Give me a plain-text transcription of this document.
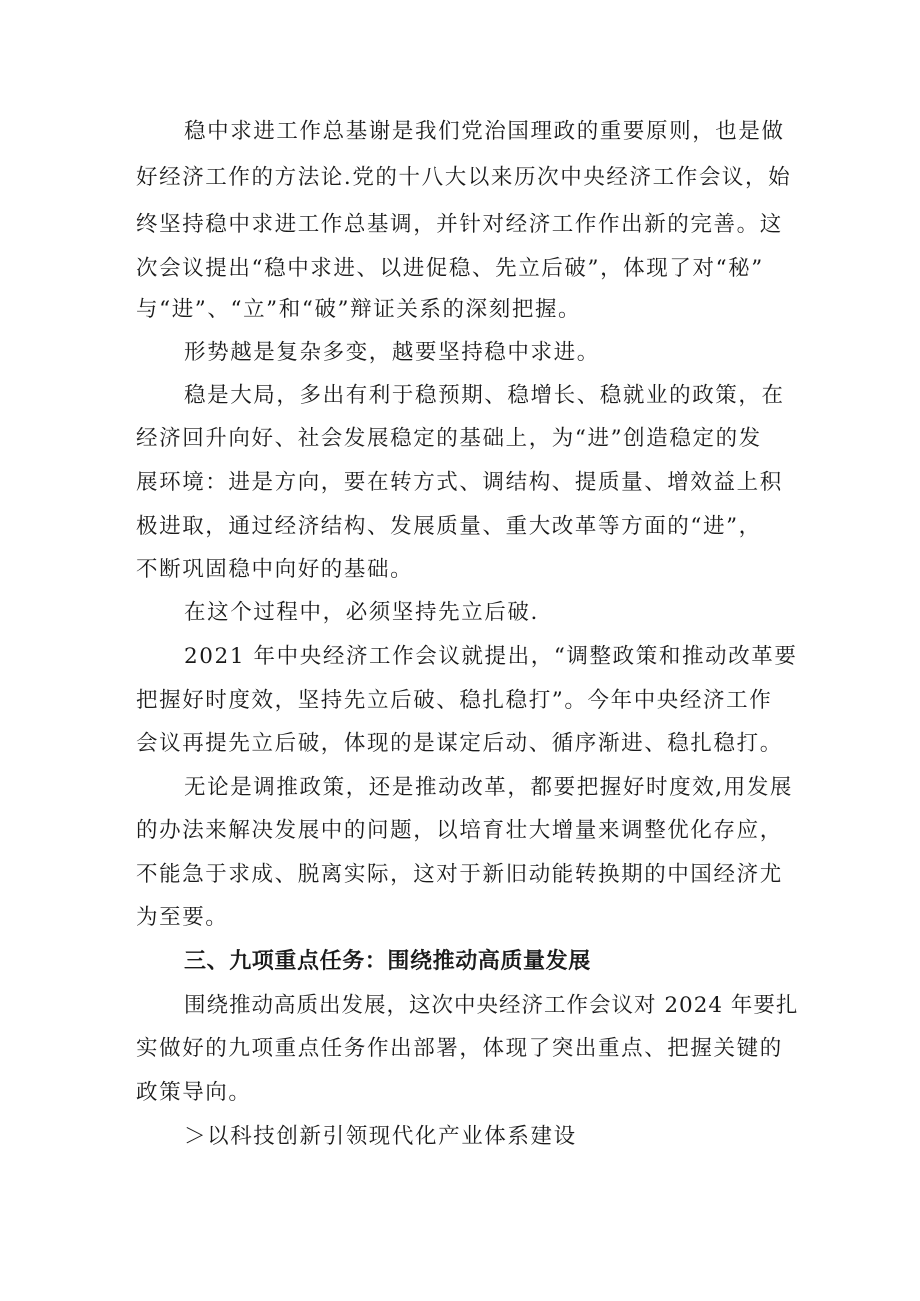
稳中求进工作总基谢是我们党治国理政的重要原则，也是做
好经济工作的方法论.党的十八大以来历次中央经济工作会议，始
终坚持稳中求进工作总基调，并针对经济工作作出新的完善。这
次会议提出“稳中求进、以进促稳、先立后破”，体现了对“秘”
与“进”、“立”和“破”辩证关系的深刻把握。
形势越是复杂多变，越要坚持稳中求进。
稳是大局，多出有利于稳预期、稳增长、稳就业的政策，在
经济回升向好、社会发展稳定的基础上，为“进”创造稳定的发
展环境：进是方向，要在转方式、调结构、提质量、增效益上积
极进取，通过经济结构、发展质量、重大改革等方面的“进”，
不断巩固稳中向好的基础。
在这个过程中，必须坚持先立后破.
2021 年中央经济工作会议就提出，“调整政策和推动改革要
把握好时度效，坚持先立后破、稳扎稳打”。今年中央经济工作
会议再提先立后破，体现的是谋定后动、循序渐进、稳扎稳打。
无论是调推政策，还是推动改革，都要把握好时度效,用发展
的办法来解决发展中的问题，以培育壮大增量来调整优化存应，
不能急于求成、脱离实际，这对于新旧动能转换期的中国经济尤
为至要。
三、九项重点任务：围绕推动高质量发展
围绕推动高质出发展，这次中央经济工作会议对 2024 年要扎
实做好的九项重点任务作出部署，体现了突出重点、把握关键的
政策导向。
＞以科技创新引领现代化产业体系建设
